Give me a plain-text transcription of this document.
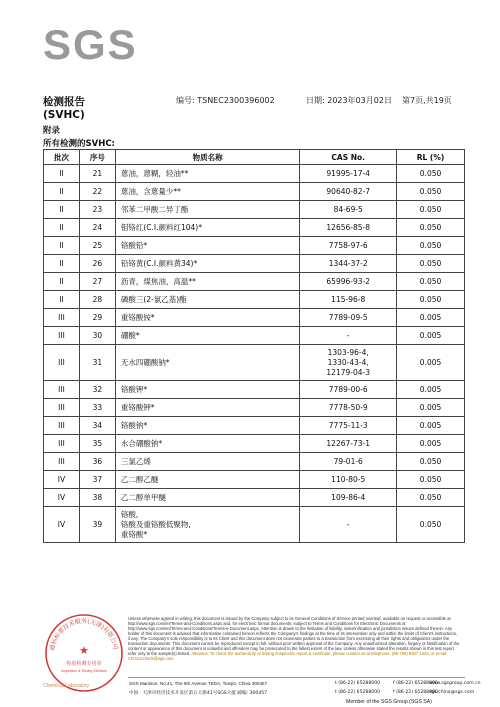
SGS
检测报告	编号: TSNEC2300396002	日期: 2023年03月02日 第7页,共19页
(SVHC)
附录
所有检测的SVHC:
批次	序号	物质名称	CAS No.	RL (%)
II	21	蒽油，蒽糊，轻油**	91995-17-4	0.050
II	22	蒽油，含蒽量少**	90640-82-7	0.050
II	23	邻苯二甲酸二异丁酯	84-69-5	0.050
II	24	钼铬红(C.I.颜料红104)*	12656-85-8	0.050
II	25	铬酸铅*	7758-97-6	0.050
II	26	铅铬黄(C.I.颜料黄34)*	1344-37-2	0.050
II	27	沥青，煤焦油，高温**	65996-93-2	0.050
II	28	磷酸三(2-氯乙基)酯	115-96-8	0.050
III	29	重铬酸铵*	7789-09-5	0.005
III	30	硼酸*	-	0.005
III	31	无水四硼酸钠*	1303-96-4,
1330-43-4,
12179-04-3	0.005
III	32	铬酸钾*	7789-00-6	0.005
III	33	重铬酸钾*	7778-50-9	0.005
III	34	铬酸钠*	7775-11-3	0.005
III	35	水合硼酸钠*	12267-73-1	0.005
III	36	三氯乙烯	79-01-6	0.050
IV	37	乙二醇乙醚	110-80-5	0.050
IV	38	乙二醇单甲醚	109-86-4	0.050
IV	39	铬酸,
铬酸及重铬酸低聚物,
重铬酸*	-	0.050
通标标准技术服务(天津)有限公司
★
检验检测专用章
Inspection & Testing Services
Chemical Laboratory
Unless otherwise agreed in writing, this document is issued by the Company subject to its General Conditions of Service printed overleaf, available on request or accessible at http://www.sgs.com/en/Terms-and-Conditions.aspx and, for electronic format documents, subject to Terms and Conditions for Electronic Documents at http://www.sgs.com/en/Terms-and-Conditions/Terms-e-Document.aspx. Attention is drawn to the limitation of liability, indemnification and jurisdiction issues defined therein. Any holder of this document is advised that information contained hereon reflects the Company's findings at the time of its intervention only and within the limits of Client's instructions, if any. The Company's sole responsibility is to its Client and this document does not exonerate parties to a transaction from exercising all their rights and obligations under the transaction documents. This document cannot be reproduced except in full, without prior written approval of the Company. Any unauthorized alteration, forgery or falsification of the content or appearance of this document is unlawful and offenders may be prosecuted to the fullest extent of the law. Unless otherwise stated the results shown in this test report refer only to the sample(s) tested. Attention: To check the authenticity of testing /inspection report & certificate, please contact us at telephone: (86-755) 8307 1443, or email: CN.Doccheck@sgs.com
SGS Mansion, No.41, The 5th Avenue TEDA, Tianjin, China 300457
中国 · 天津市经济技术开发区第五大街41号SGS大厦 邮编: 300457
t (86-22) 65288000
t (86-22) 65288000
f (86-22) 65288900
f (86-22) 65288900
www.sgsgroup.com.cn
sgs.china@sgs.com
Member of the SGS Group (SGS SA)
